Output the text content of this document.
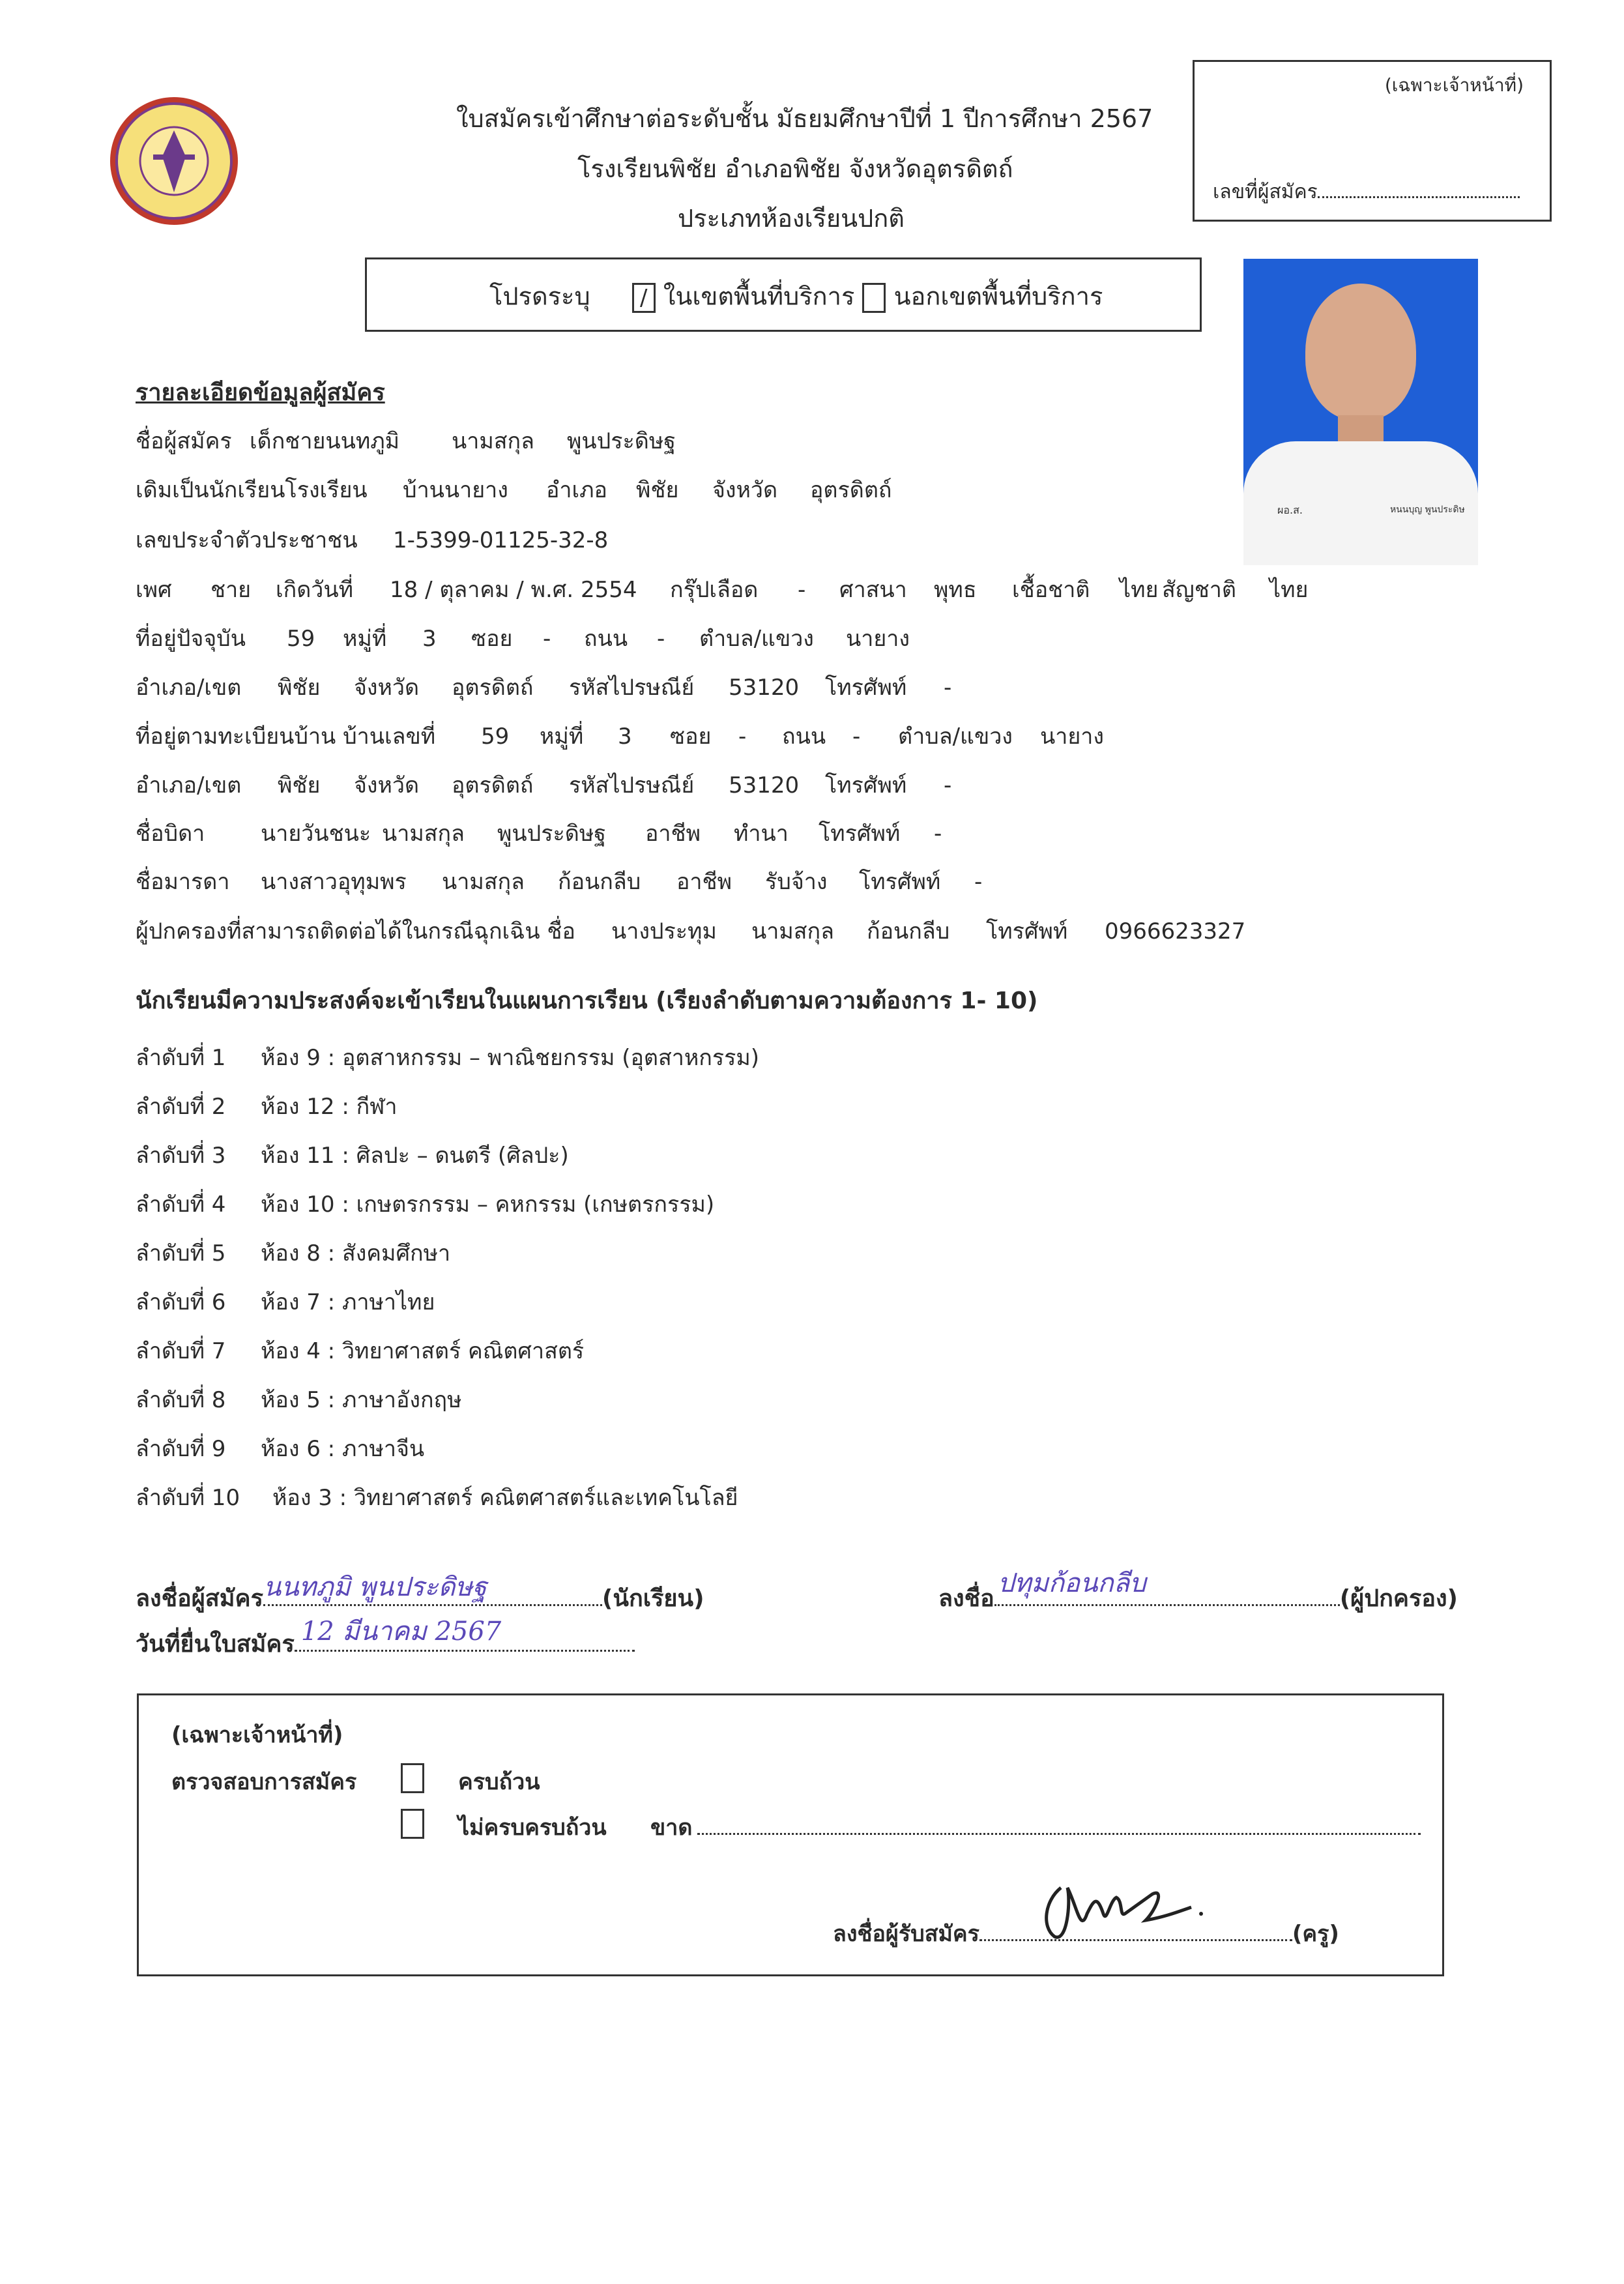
ใบสมัครเข้าศึกษาต่อระดับชั้น มัธยมศึกษาปีที่ 1 ปีการศึกษา 2567
โรงเรียนพิชัย อำเภอพิชัย จังหวัดอุตรดิตถ์
ประเภทห้องเรียนปกติ
(เฉพาะเจ้าหน้าที่)
เลขที่ผู้สมัคร
โปรดระบุ / ในเขตพื้นที่บริการ นอกเขตพื้นที่บริการ
ผอ.ส.	หนนบุญ พูนประดิษ
รายละเอียดข้อมูลผู้สมัคร
ชื่อผู้สมัคร เด็กชายนนทภูมิ นามสกุล พูนประดิษฐ
เดิมเป็นนักเรียนโรงเรียน บ้านนายาง อำเภอ พิชัย จังหวัด อุตรดิตถ์
เลขประจำตัวประชาชน 1-5399-01125-32-8
เพศ ชาย เกิดวันที่ 18 / ตุลาคม / พ.ศ. 2554 กรุ๊ปเลือด - ศาสนา พุทธ เชื้อชาติ ไทย สัญชาติ ไทย
ที่อยู่ปัจจุบัน 59 หมู่ที่ 3 ซอย - ถนน - ตำบล/แขวง นายาง
อำเภอ/เขต พิชัย จังหวัด อุตรดิตถ์ รหัสไปรษณีย์ 53120 โทรศัพท์ -
ที่อยู่ตามทะเบียนบ้าน บ้านเลขที่ 59 หมู่ที่ 3 ซอย - ถนน - ตำบล/แขวง นายาง
อำเภอ/เขต พิชัย จังหวัด อุตรดิตถ์ รหัสไปรษณีย์ 53120 โทรศัพท์ -
ชื่อบิดา	นายวันชนะ นามสกุล พูนประดิษฐ อาชีพ ทำนา โทรศัพท์ -
ชื่อมารดา นางสาวอุทุมพร นามสกุล ก้อนกลีบ อาชีพ รับจ้าง โทรศัพท์ -
ผู้ปกครองที่สามารถติดต่อได้ในกรณีฉุกเฉิน ชื่อ นางประทุม นามสกุล ก้อนกลีบ โทรศัพท์ 0966623327
นักเรียนมีความประสงค์จะเข้าเรียนในแผนการเรียน (เรียงลำดับตามความต้องการ 1- 10)
ลำดับที่ 1 ห้อง 9 : อุตสาหกรรม – พาณิชยกรรม (อุตสาหกรรม)
ลำดับที่ 2 ห้อง 12 : กีฬา
ลำดับที่ 3 ห้อง 11 : ศิลปะ – ดนตรี (ศิลปะ)
ลำดับที่ 4 ห้อง 10 : เกษตรกรรม – คหกรรม (เกษตรกรรม)
ลำดับที่ 5 ห้อง 8 : สังคมศึกษา
ลำดับที่ 6 ห้อง 7 : ภาษาไทย
ลำดับที่ 7 ห้อง 4 : วิทยาศาสตร์ คณิตศาสตร์
ลำดับที่ 8 ห้อง 5 : ภาษาอังกฤษ
ลำดับที่ 9 ห้อง 6 : ภาษาจีน
ลำดับที่ 10 ห้อง 3 : วิทยาศาสตร์ คณิตศาสตร์และเทคโนโลยี
ลงชื่อผู้สมัคร นนทภูมิ พูนประดิษฐ	(นักเรียน)	ลงชื่อ
ปทุมก้อนกลีบ
(ผู้ปกครอง)
วันที่ยื่นใบสมัคร 12 มีนาคม 2567
(เฉพาะเจ้าหน้าที่)
ตรวจสอบการสมัคร	ครบถ้วน
ไม่ครบครบถ้วน ขาด
ลงชื่อผู้รับสมัคร	(ครู)
